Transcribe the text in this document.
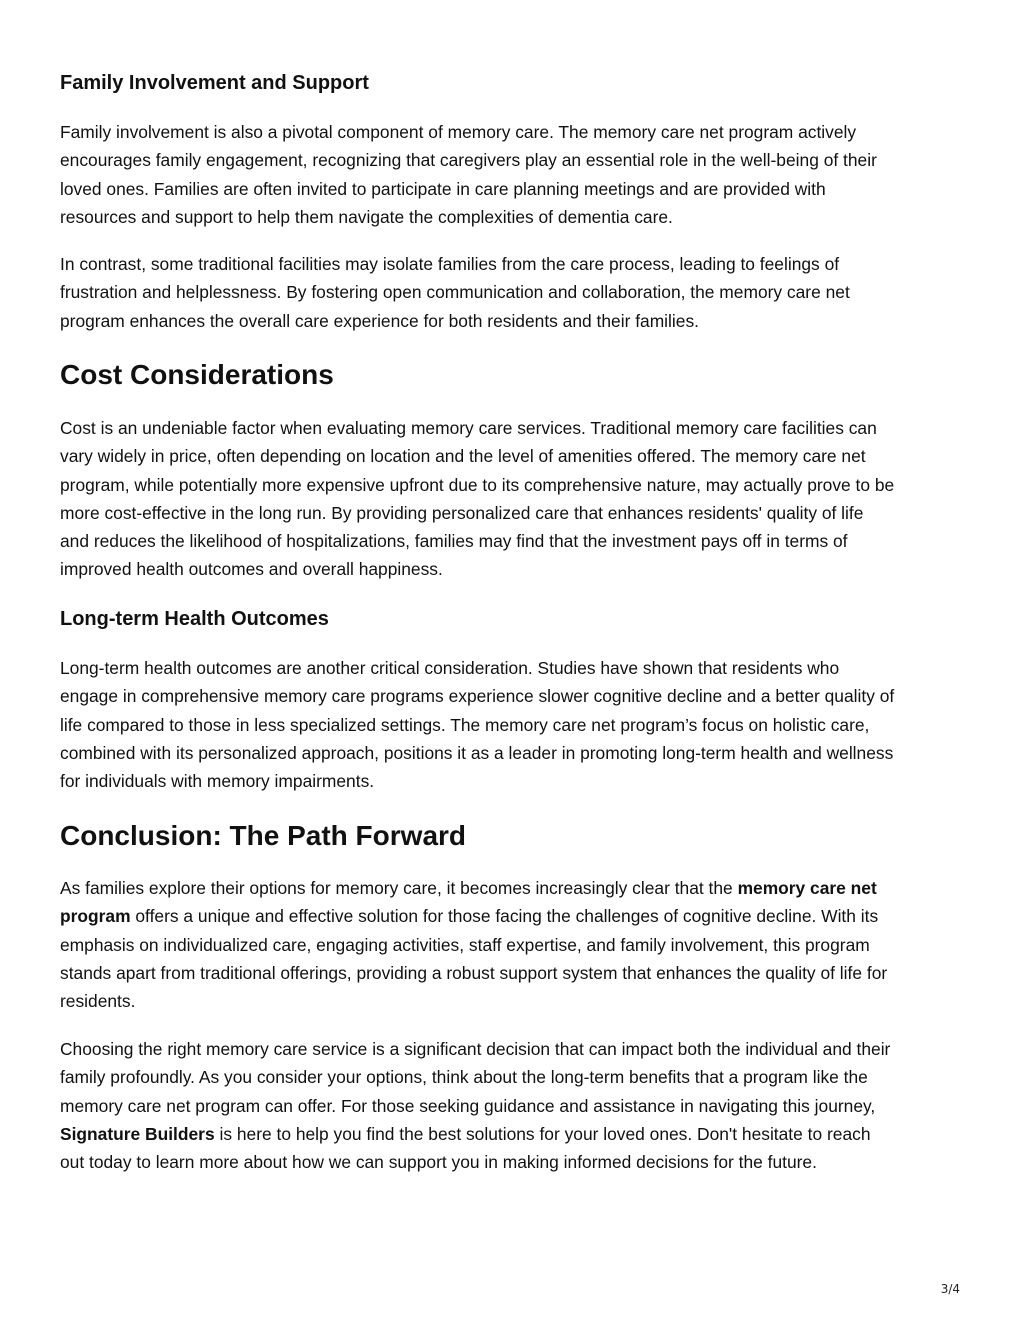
Family Involvement and Support
Family involvement is also a pivotal component of memory care. The memory care net program actively
encourages family engagement, recognizing that caregivers play an essential role in the well-being of their
loved ones. Families are often invited to participate in care planning meetings and are provided with
resources and support to help them navigate the complexities of dementia care.
In contrast, some traditional facilities may isolate families from the care process, leading to feelings of
frustration and helplessness. By fostering open communication and collaboration, the memory care net
program enhances the overall care experience for both residents and their families.
Cost Considerations
Cost is an undeniable factor when evaluating memory care services. Traditional memory care facilities can
vary widely in price, often depending on location and the level of amenities offered. The memory care net
program, while potentially more expensive upfront due to its comprehensive nature, may actually prove to be
more cost-effective in the long run. By providing personalized care that enhances residents' quality of life
and reduces the likelihood of hospitalizations, families may find that the investment pays off in terms of
improved health outcomes and overall happiness.
Long-term Health Outcomes
Long-term health outcomes are another critical consideration. Studies have shown that residents who
engage in comprehensive memory care programs experience slower cognitive decline and a better quality of
life compared to those in less specialized settings. The memory care net program’s focus on holistic care,
combined with its personalized approach, positions it as a leader in promoting long-term health and wellness
for individuals with memory impairments.
Conclusion: The Path Forward
As families explore their options for memory care, it becomes increasingly clear that the memory care net
program offers a unique and effective solution for those facing the challenges of cognitive decline. With its
emphasis on individualized care, engaging activities, staff expertise, and family involvement, this program
stands apart from traditional offerings, providing a robust support system that enhances the quality of life for
residents.
Choosing the right memory care service is a significant decision that can impact both the individual and their
family profoundly. As you consider your options, think about the long-term benefits that a program like the
memory care net program can offer. For those seeking guidance and assistance in navigating this journey,
Signature Builders is here to help you find the best solutions for your loved ones. Don't hesitate to reach
out today to learn more about how we can support you in making informed decisions for the future.
3/4
